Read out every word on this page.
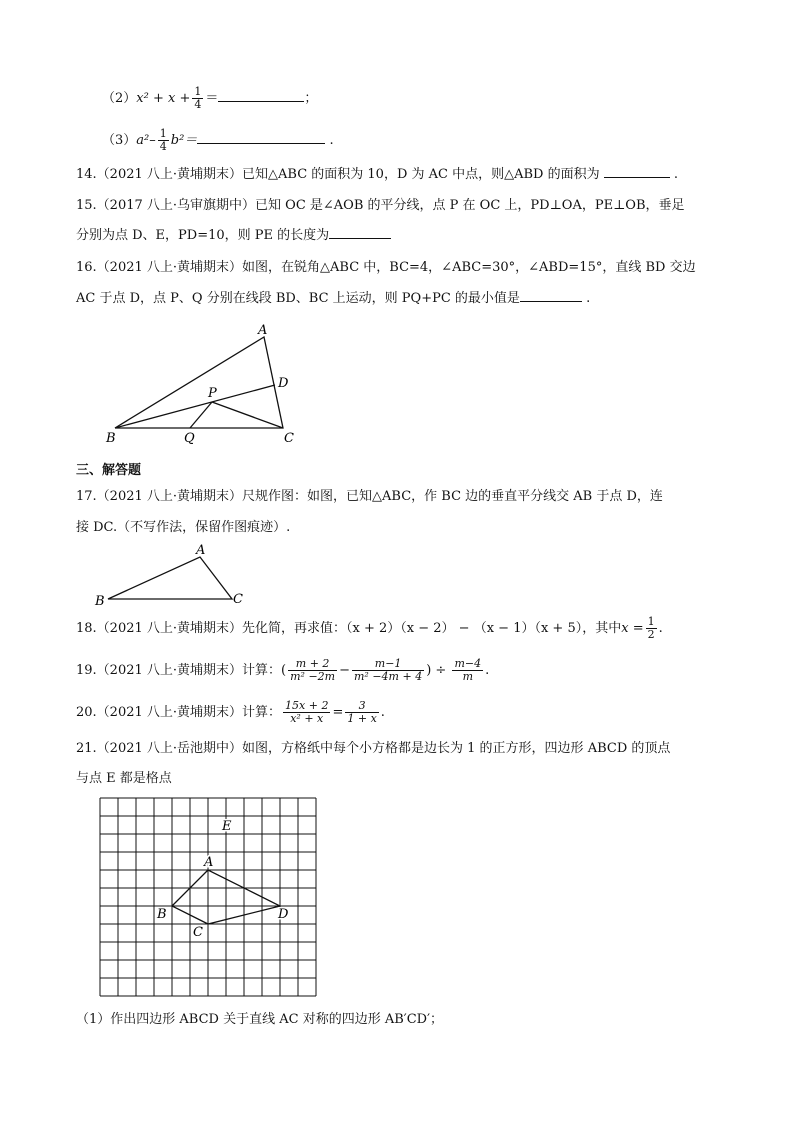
$(2)x^2 + x + \frac{1}{4}$ ＝	；
$(3)a^2- \frac{1}{4} b^2=$	.
14.（2021 八上·黄埔期末）已知△ABC 的面积为 10，D 为 AC 中点，则△ABD 的面积为	.
15.（2017 八上·乌审旗期中）已知 OC 是∠AOB 的平分线，点 P 在 OC 上，PD⊥OA，PE⊥OB，垂足
分别为点 D、E，PD=10，则 PE 的长度为
16.（2021 八上·黄埔期末）如图，在锐角△ABC 中，BC=4，∠ABC=30°，∠ABD=15°，直线 BD 交边
AC 于点 D，点 P、Q 分别在线段 BD、BC 上运动，则 PQ+PC 的最小值是	.
A
D
P
B	Q	C
三、解答题
17.（2021 八上·黄埔期末）尺规作图：如图，已知△ABC，作 BC 边的垂直平分线交 AB 于点 D，连
接 DC.（不写作法，保留作图痕迹）.
A
B	C
18.（2021 八上·黄埔期末）先化简，再求值：（x + 2）（x − 2） − （x − 1）（x + 5），其中$x = \frac{1}{2}$ .
19.（2021 八上·黄埔期末）计算：( $\frac{m + 2}{\text{m² −2m}} - \frac{m-1}{\text{m² −4m + 4}}$ ) ÷ $\frac{m-4}{m}$ .
20.（2021 八上·黄埔期末）计算： $\frac{15x + 2}{\text{x² + x}} = \frac{3}{1 + x}$ .
21.（2021 八上·岳池期中）如图，方格纸中每个小方格都是边长为 1 的正方形，四边形 ABCD 的顶点
与点 E 都是格点
E
A
B
C
D
（1）作出四边形 ABCD 关于直线 AC 对称的四边形 AB′CD′；
